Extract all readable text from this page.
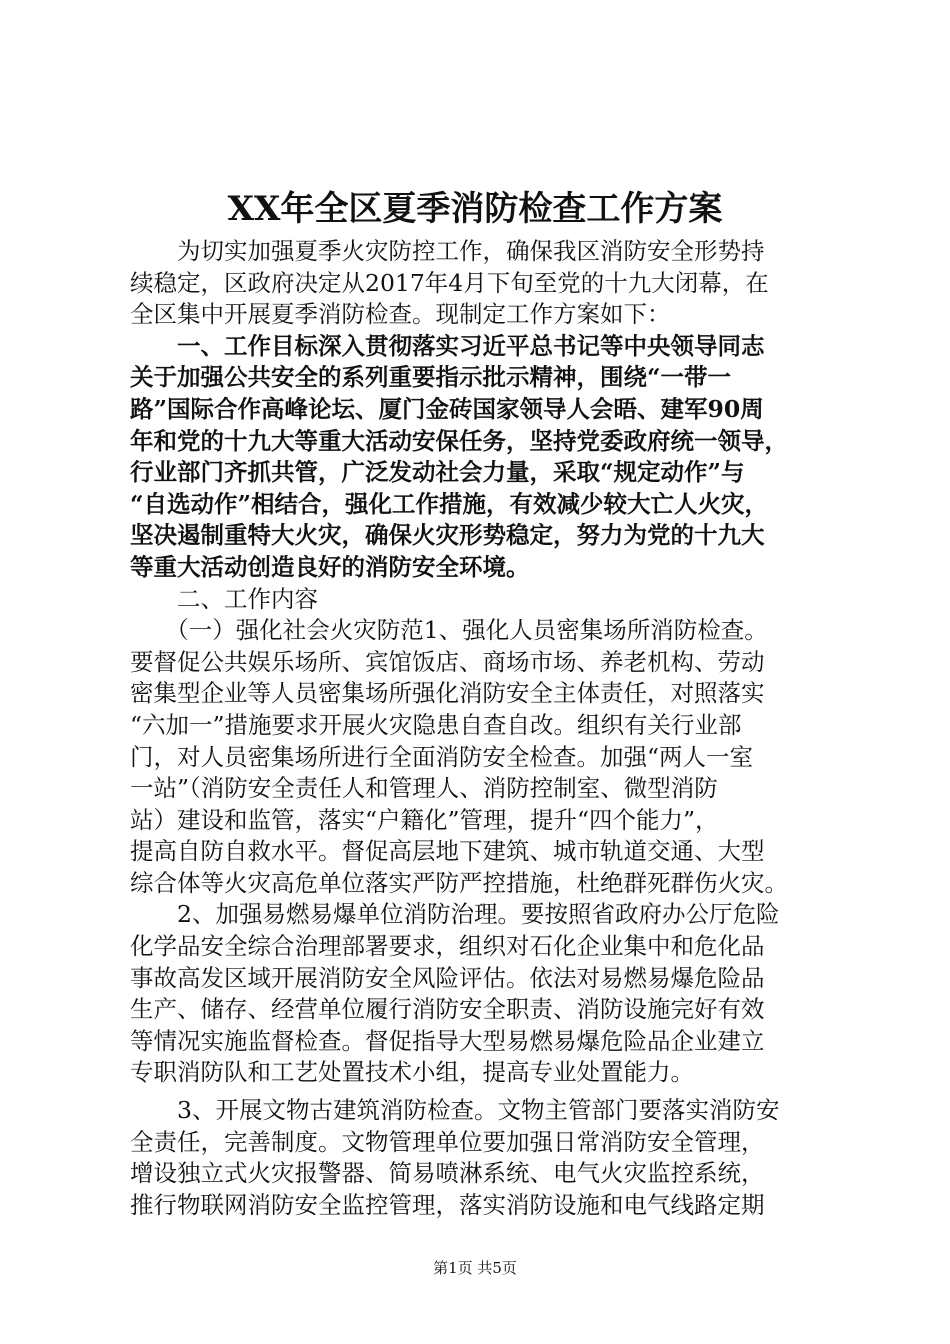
XX年全区夏季消防检查工作方案
　　为切实加强夏季火灾防控工作，确保我区消防安全形势持
续稳定，区政府决定从2017年4月下旬至党的十九大闭幕，在
全区集中开展夏季消防检查。现制定工作方案如下：
　　一、工作目标深入贯彻落实习近平总书记等中央领导同志
关于加强公共安全的系列重要指示批示精神，围绕“一带一
路”国际合作高峰论坛、厦门金砖国家领导人会晤、建军90周
年和党的十九大等重大活动安保任务，坚持党委政府统一领导，
行业部门齐抓共管，广泛发动社会力量，采取“规定动作”与
“自选动作”相结合，强化工作措施，有效减少较大亡人火灾，
坚决遏制重特大火灾，确保火灾形势稳定，努力为党的十九大
等重大活动创造良好的消防安全环境。
　　二、工作内容
　　（一）强化社会火灾防范1、强化人员密集场所消防检查。
要督促公共娱乐场所、宾馆饭店、商场市场、养老机构、劳动
密集型企业等人员密集场所强化消防安全主体责任，对照落实
“六加一”措施要求开展火灾隐患自查自改。组织有关行业部
门，对人员密集场所进行全面消防安全检查。加强“两人一室
一站”（消防安全责任人和管理人、消防控制室、微型消防
站）建设和监管，落实“户籍化”管理，提升“四个能力”，
提高自防自救水平。督促高层地下建筑、城市轨道交通、大型
综合体等火灾高危单位落实严防严控措施，杜绝群死群伤火灾。
　　2、加强易燃易爆单位消防治理。要按照省政府办公厅危险
化学品安全综合治理部署要求，组织对石化企业集中和危化品
事故高发区域开展消防安全风险评估。依法对易燃易爆危险品
生产、储存、经营单位履行消防安全职责、消防设施完好有效
等情况实施监督检查。督促指导大型易燃易爆危险品企业建立
专职消防队和工艺处置技术小组，提高专业处置能力。
　　3、开展文物古建筑消防检查。文物主管部门要落实消防安
全责任，完善制度。文物管理单位要加强日常消防安全管理，
增设独立式火灾报警器、简易喷淋系统、电气火灾监控系统，
推行物联网消防安全监控管理，落实消防设施和电气线路定期
第1页 共5页
